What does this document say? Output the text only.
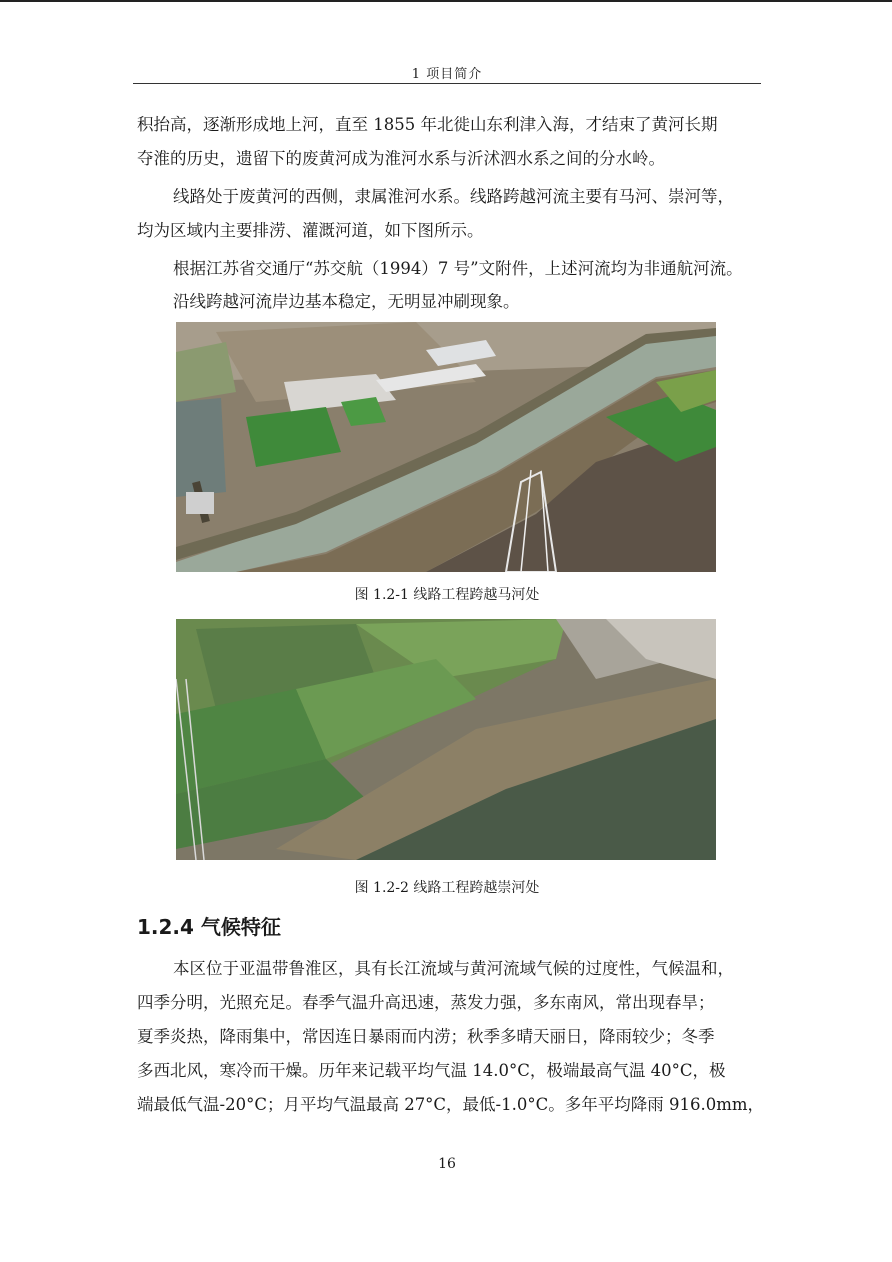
1 项目简介

积抬高，逐渐形成地上河，直至 1855 年北徙山东利津入海，才结束了黄河长期
夺淮的历史，遗留下的废黄河成为淮河水系与沂沭泗水系之间的分水岭。

线路处于废黄河的西侧，隶属淮河水系。线路跨越河流主要有马河、崇河等，
均为区域内主要排涝、灌溉河道，如下图所示。

根据江苏省交通厅“苏交航（1994）7 号”文附件，上述河流均为非通航河流。

沿线跨越河流岸边基本稳定，无明显冲刷现象。

图 1.2-1 线路工程跨越马河处
图 1.2-2 线路工程跨越崇河处
1.2.4 气候特征

本区位于亚温带鲁淮区，具有长江流域与黄河流域气候的过度性，气候温和，
四季分明，光照充足。春季气温升高迅速，蒸发力强，多东南风，常出现春旱；
夏季炎热，降雨集中，常因连日暴雨而内涝；秋季多晴天丽日，降雨较少；冬季
多西北风，寒冷而干燥。历年来记载平均气温 14.0°C，极端最高气温 40°C，极
端最低气温-20°C；月平均气温最高 27°C，最低-1.0°C。多年平均降雨 916.0mm，

16
